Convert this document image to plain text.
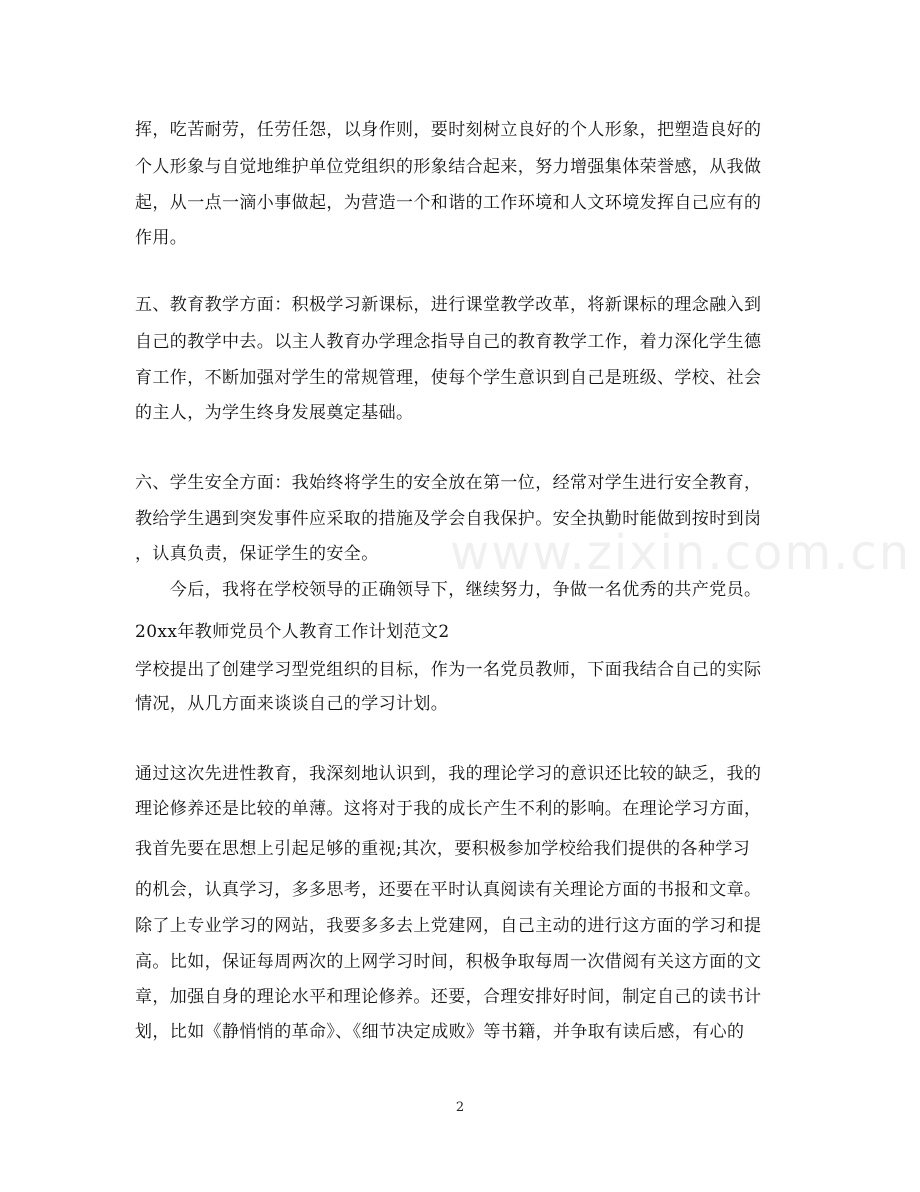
挥，吃苦耐劳，任劳任怨，以身作则，要时刻树立良好的个人形象，把塑造良好的
个人形象与自觉地维护单位党组织的形象结合起来，努力增强集体荣誉感，从我做
起，从一点一滴小事做起，为营造一个和谐的工作环境和人文环境发挥自己应有的
作用。
五、教育教学方面：积极学习新课标，进行课堂教学改革，将新课标的理念融入到
自己的教学中去。以主人教育办学理念指导自己的教育教学工作，着力深化学生德
育工作，不断加强对学生的常规管理，使每个学生意识到自己是班级、学校、社会
的主人，为学生终身发展奠定基础。
六、学生安全方面：我始终将学生的安全放在第一位，经常对学生进行安全教育，
教给学生遇到突发事件应采取的措施及学会自我保护。安全执勤时能做到按时到岗
，认真负责，保证学生的安全。
　　今后，我将在学校领导的正确领导下，继续努力，争做一名优秀的共产党员。
20xx年教师党员个人教育工作计划范文2
学校提出了创建学习型党组织的目标，作为一名党员教师，下面我结合自己的实际
情况，从几方面来谈谈自己的学习计划。
通过这次先进性教育，我深刻地认识到，我的理论学习的意识还比较的缺乏，我的
理论修养还是比较的单薄。这将对于我的成长产生不利的影响。在理论学习方面，
我首先要在思想上引起足够的重视;其次，要积极参加学校给我们提供的各种学习
的机会，认真学习，多多思考，还要在平时认真阅读有关理论方面的书报和文章。
除了上专业学习的网站，我要多多去上党建网，自己主动的进行这方面的学习和提
高。比如，保证每周两次的上网学习时间，积极争取每周一次借阅有关这方面的文
章，加强自身的理论水平和理论修养。还要，合理安排好时间，制定自己的读书计
划，比如《静悄悄的革命》、《细节决定成败》等书籍，并争取有读后感，有心的
www.zixin.com.cn
2
